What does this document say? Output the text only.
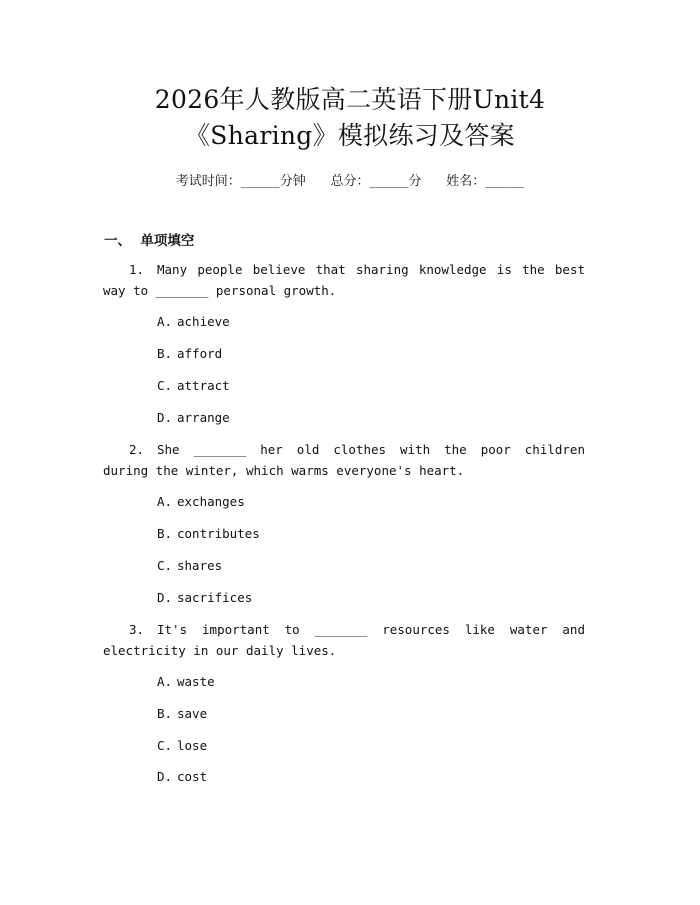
2026年人教版高二英语下册Unit4
《Sharing》模拟练习及答案
考试时间：______分钟      总分：______分      姓名：______
一、 单项填空
1. Many people believe that sharing knowledge is the best way to _______ personal growth.
A. achieve
B. afford
C. attract
D. arrange
2. She _______ her old clothes with the poor children during the winter, which warms everyone's heart.
A. exchanges
B. contributes
C. shares
D. sacrifices
3. It's important to _______ resources like water and electricity in our daily lives.
A. waste
B. save
C. lose
D. cost
